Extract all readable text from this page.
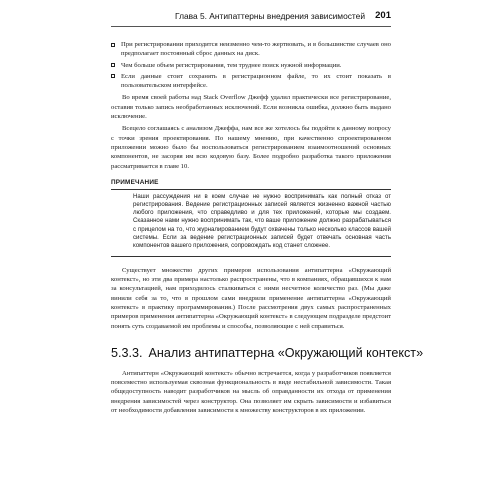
Глава 5. Антипаттерны внедрения зависимостей 201
При регистрировании приходится неизменно чем-то жертвовать, и в большинстве случаев оно предполагает постоянный сброс данных на диск.
Чем больше объем регистрирования, тем труднее поиск нужной информации.
Если данные стоит сохранять в регистрационном файле, то их стоит показать в пользовательском интерфейсе.

Во время своей работы над Stack Overflow Джефф удалил практически все регистрирование, оставив только запись необработанных исключений. Если возникла ошибка, должно быть выдано исключение.

Всецело соглашаясь с анализом Джеффа, нам все же хотелось бы подойти к данному вопросу с точки зрения проектирования. По нашему мнению, при качественно спроектированном приложении можно было бы воспользоваться регистрированием взаимоотношений основных компонентов, не засоряя им всю кодовую базу. Более подробно разработка такого приложения рассматривается в главе 10.

ПРИМЕЧАНИЕ
Наши рассуждения ни в коем случае не нужно воспринимать как полный отказ от регистрирования. Ведение регистрационных записей является жизненно важной частью любого приложения, что справедливо и для тех приложений, которые мы создаем. Сказанное нами нужно воспринимать так, что ваше приложение должно разрабатываться с прицелом на то, что журналированием будут охвачены только несколько классов вашей системы. Если за ведение регистрационных записей будет отвечать основная часть компонентов вашего приложения, сопровождать код станет сложнее.

Существует множество других примеров использования антипаттерна «Окружающий контекст», но эти два примера настолько распространены, что в компаниях, обращавшихся к нам за консультацией, нам приходилось сталкиваться с ними несчетное количество раз. (Мы даже винили себя за то, что в прошлом сами внедрили применение антипаттерна «Окружающий контекст» в практику программирования.) После рассмотрения двух самых распространенных примеров применения антипаттерна «Окружающий контекст» в следующем подразделе предстоит понять суть создаваемой им проблемы и способы, позволяющие с ней справиться.

5.3.3. Анализ антипаттерна «Окружающий контекст»

Антипаттерн «Окружающий контекст» обычно встречается, когда у разработчиков появляется повсеместно используемая сквозная функциональность в виде нестабильной зависимости. Такая общедоступность наводит разработчиков на мысль об оправданности их отхода от применения внедрения зависимостей через конструктор. Она позволяет им скрыть зависимости и избавиться от необходимости добавления зависимости к множеству конструкторов в их приложении.
